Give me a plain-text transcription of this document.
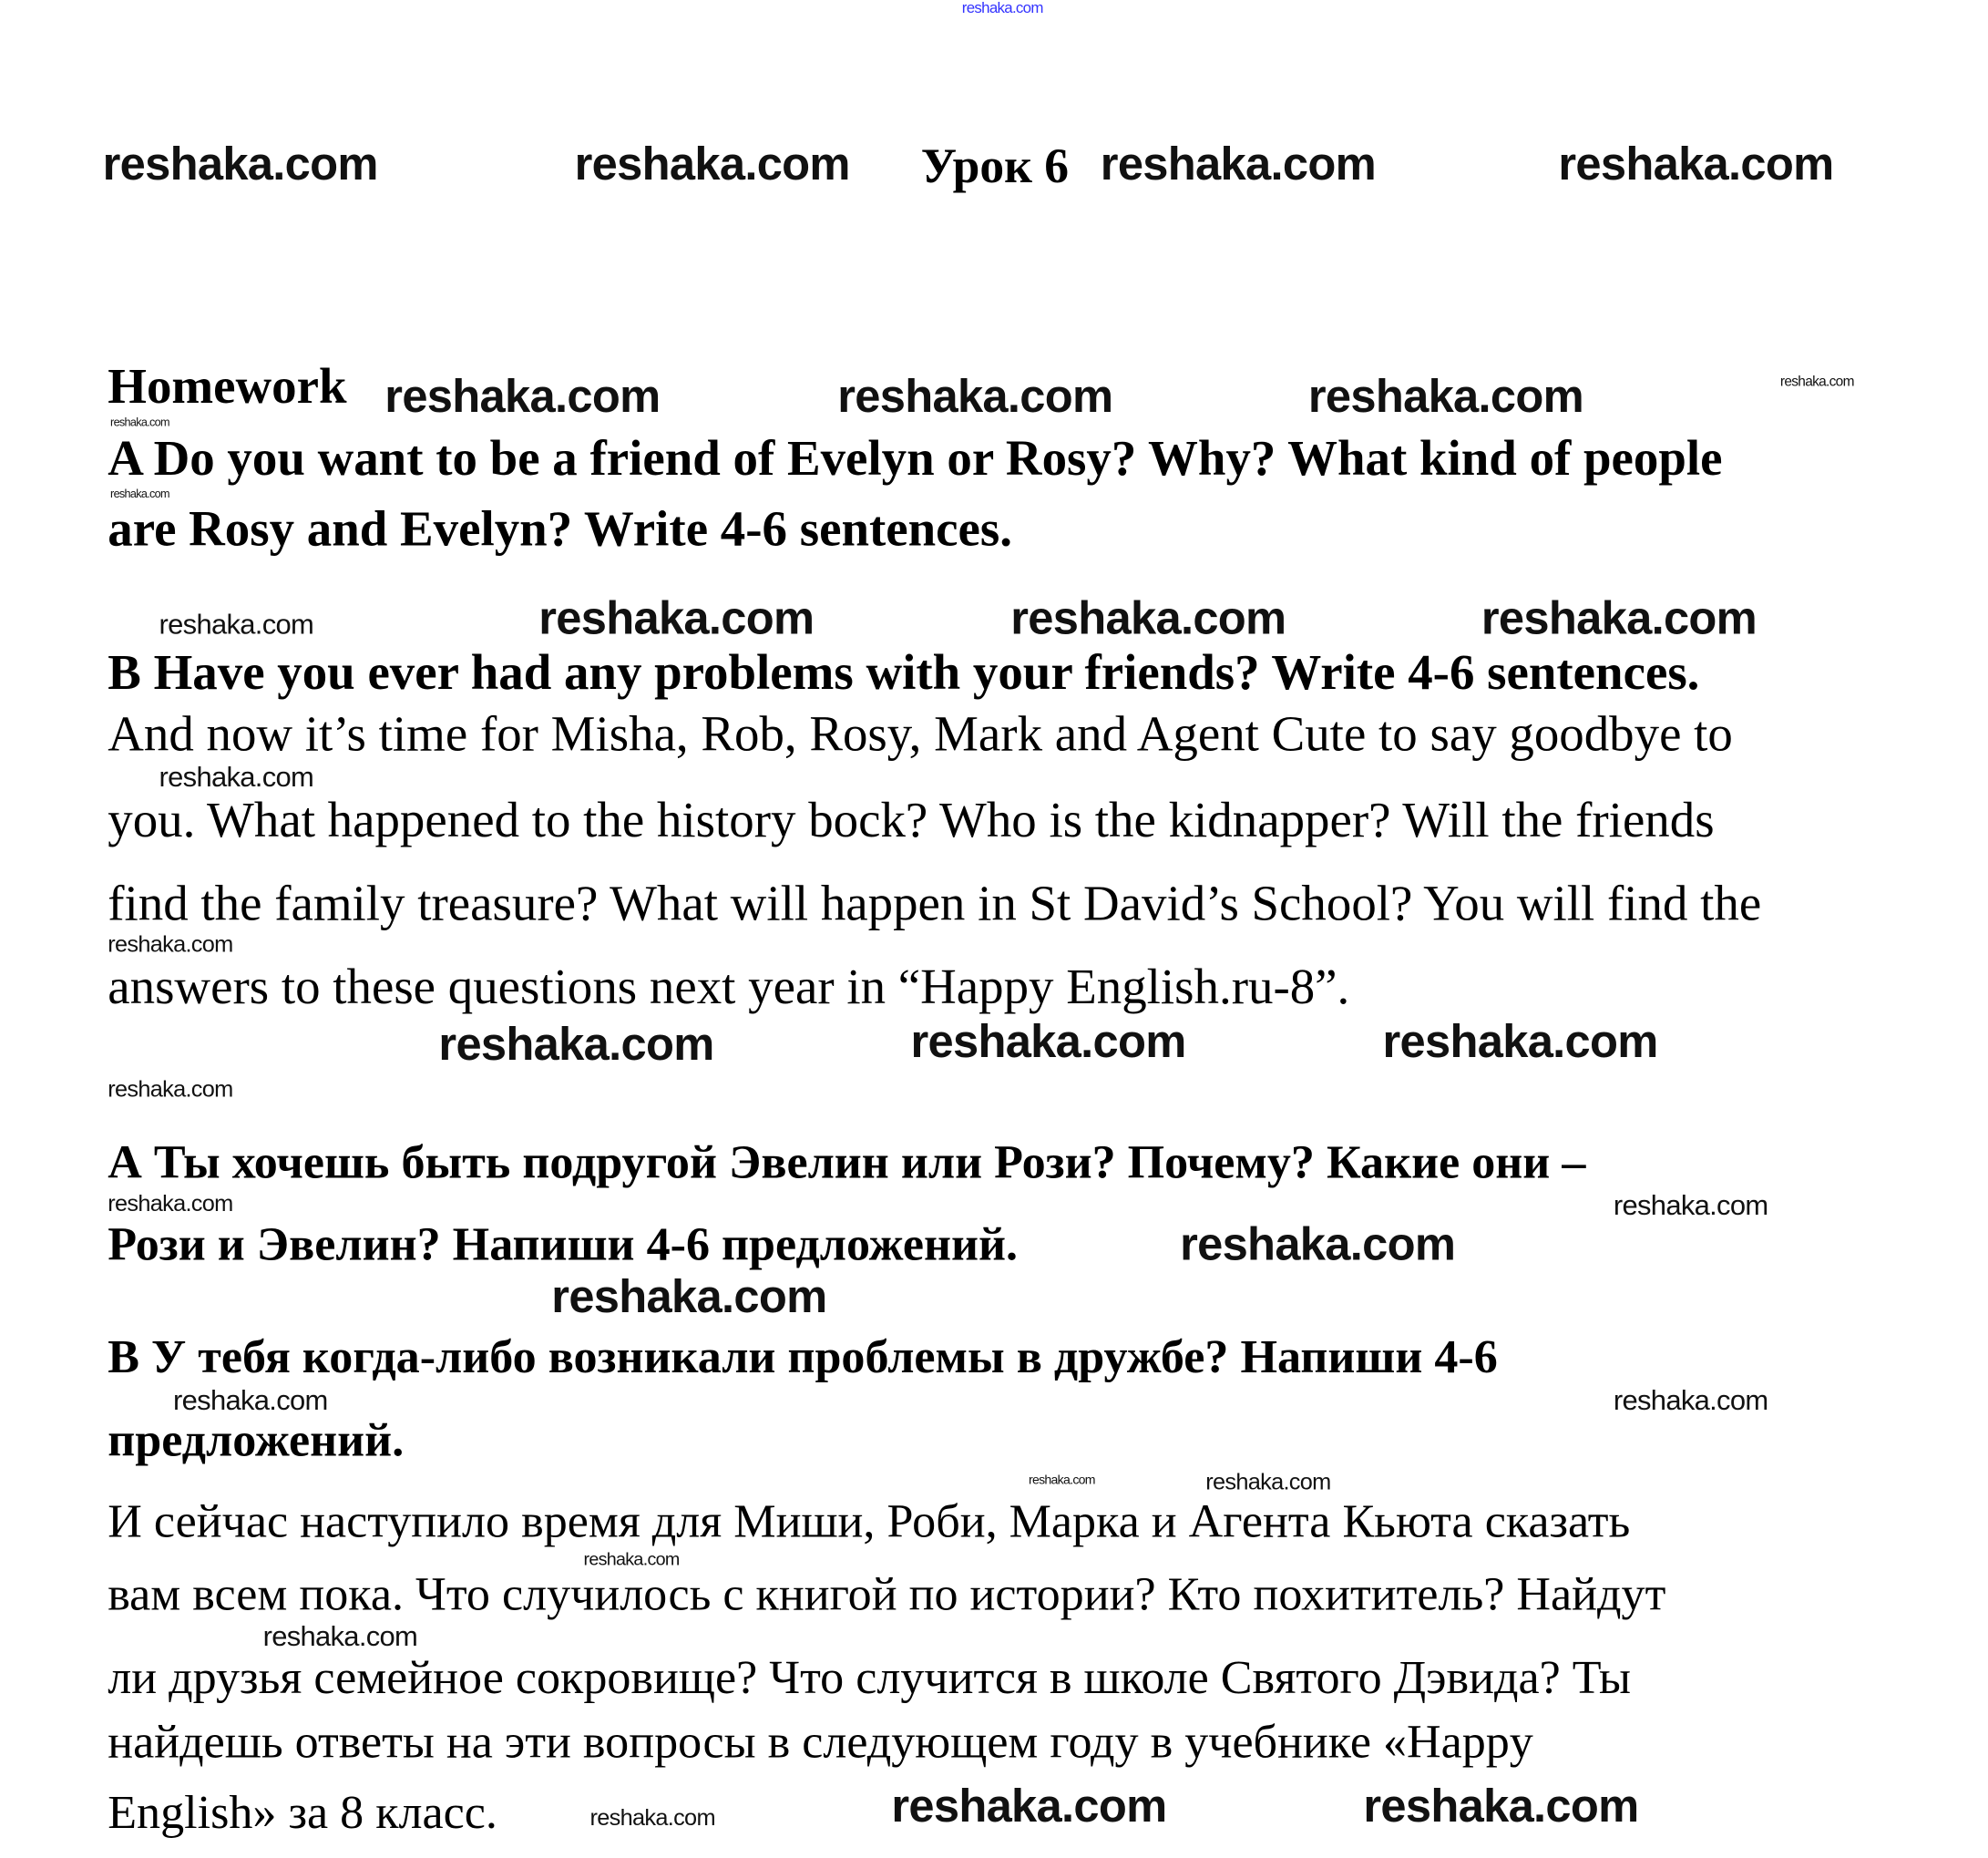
reshaka.com
reshaka.com	reshaka.com Урок 6 reshaka.com	reshaka.com
Homework reshaka.com	reshaka.com	reshaka.com	reshaka.com
reshaka.com
A Do you want to be a friend of Evelyn or Rosy? Why? What kind of people
reshaka.com
are Rosy and Evelyn? Write 4-6 sentences.
reshaka.com	reshaka.com	reshaka.com	reshaka.com
B Have you ever had any problems with your friends? Write 4-6 sentences.
And now it’s time for Misha, Rob, Rosy, Mark and Agent Cute to say goodbye to
reshaka.com
you. What happened to the history bock? Who is the kidnapper? Will the friends
find the family treasure? What will happen in St David’s School? You will find the
reshaka.com
answers to these questions next year in “Happy English.ru-8”.
reshaka.com
reshaka.com
reshaka.com
reshaka.com
А Ты хочешь быть подругой Эвелин или Рози? Почему? Какие они –
reshaka.com	reshaka.com
Рози и Эвелин? Напиши 4-6 предложений.	reshaka.com
reshaka.com
В У тебя когда-либо возникали проблемы в дружбе? Напиши 4-6
reshaka.com
reshaka.com
предложений.
reshaka.com	reshaka.com
И сейчас наступило время для Миши, Роби, Марка и Агента Кьюта сказать
reshaka.com
вам всем пока. Что случилось с книгой по истории? Кто похититель? Найдут
reshaka.com
ли друзья семейное сокровище? Что случится в школе Святого Дэвида? Ты
найдешь ответы на эти вопросы в следующем году в учебнике «Happy
reshaka.com
reshaka.com
English» за 8 класс.	reshaka.com
